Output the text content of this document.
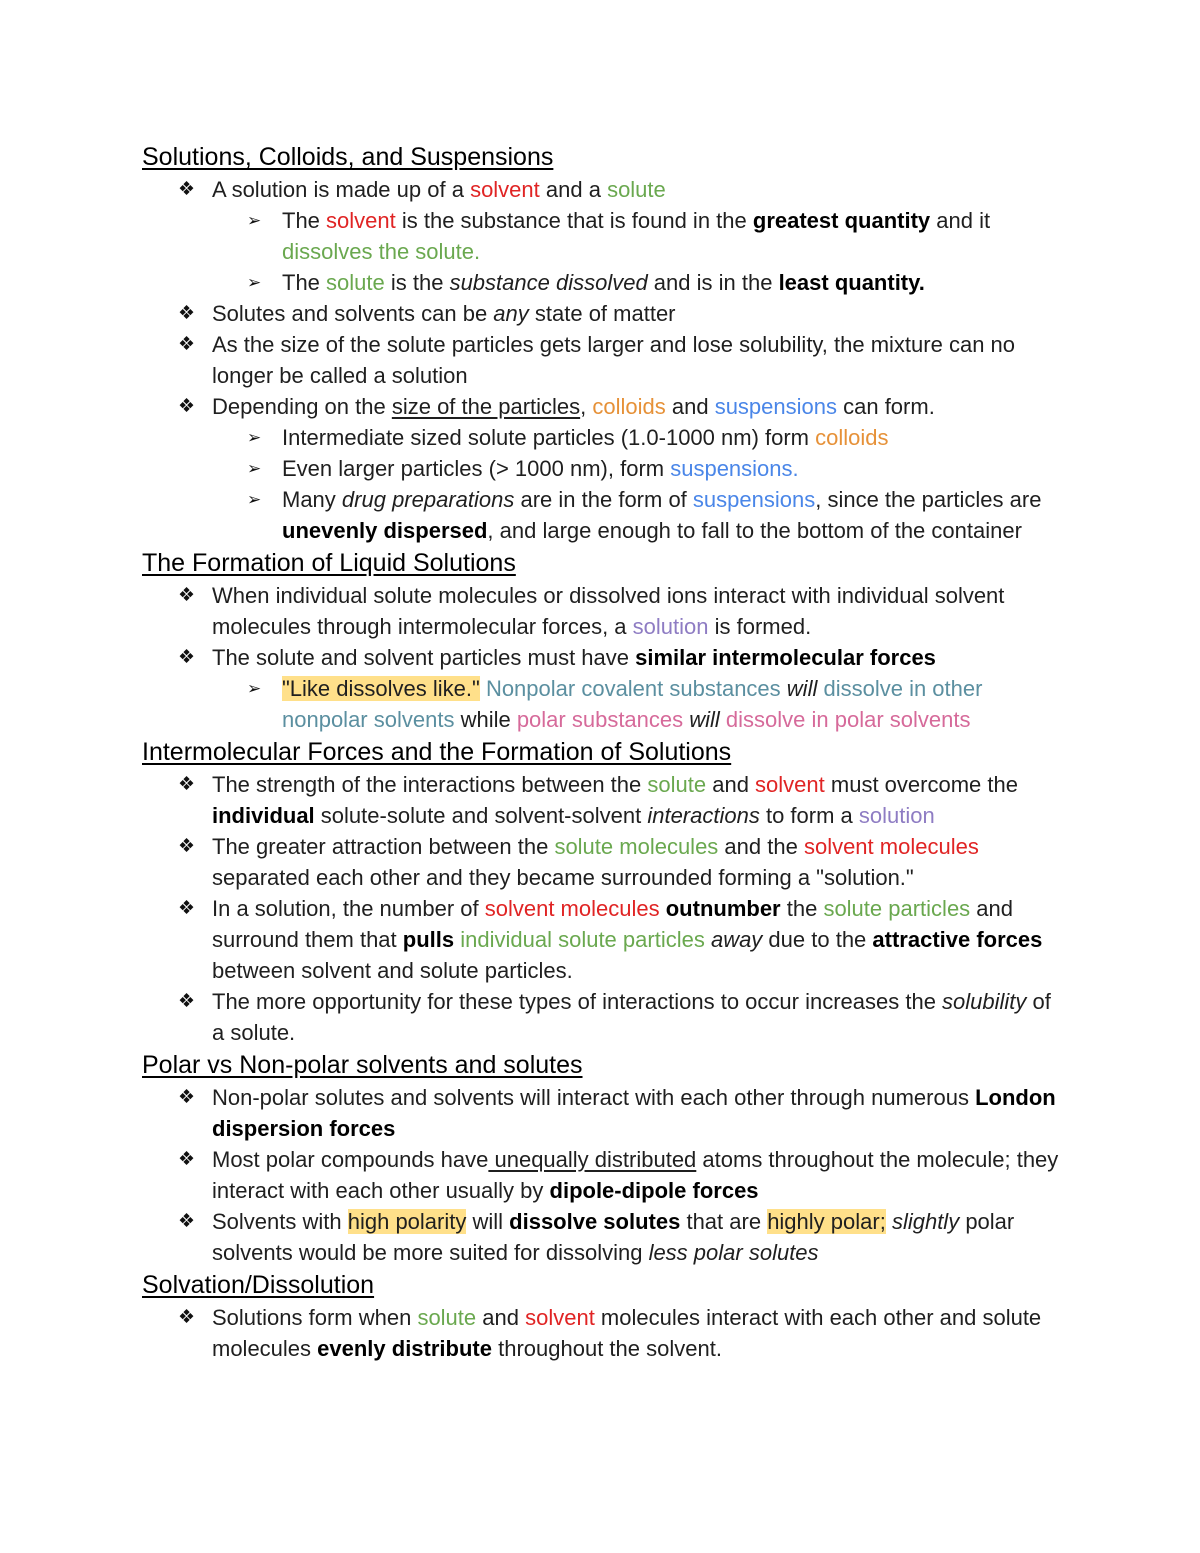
Solutions, Colloids, and Suspensions
❖ A solution is made up of a solvent and a solute
➢ The solvent is the substance that is found in the greatest quantity and it dissolves the solute.
➢ The solute is the substance dissolved and is in the least quantity.
❖ Solutes and solvents can be any state of matter
❖ As the size of the solute particles gets larger and lose solubility, the mixture can no longer be called a solution
❖ Depending on the size of the particles, colloids and suspensions can form.
➢ Intermediate sized solute particles (1.0-1000 nm) form colloids
➢ Even larger particles (> 1000 nm), form suspensions.
➢ Many drug preparations are in the form of suspensions, since the particles are unevenly dispersed, and large enough to fall to the bottom of the container
The Formation of Liquid Solutions
❖ When individual solute molecules or dissolved ions interact with individual solvent molecules through intermolecular forces, a solution is formed.
❖ The solute and solvent particles must have similar intermolecular forces
➢ "Like dissolves like." Nonpolar covalent substances will dissolve in other nonpolar solvents while polar substances will dissolve in polar solvents
Intermolecular Forces and the Formation of Solutions
❖ The strength of the interactions between the solute and solvent must overcome the individual solute-solute and solvent-solvent interactions to form a solution
❖ The greater attraction between the solute molecules and the solvent molecules separated each other and they became surrounded forming a "solution."
❖ In a solution, the number of solvent molecules outnumber the solute particles and surround them that pulls individual solute particles away due to the attractive forces between solvent and solute particles.
❖ The more opportunity for these types of interactions to occur increases the solubility of a solute.
Polar vs Non-polar solvents and solutes
❖ Non-polar solutes and solvents will interact with each other through numerous London dispersion forces
❖ Most polar compounds have unequally distributed atoms throughout the molecule; they interact with each other usually by dipole-dipole forces
❖ Solvents with high polarity will dissolve solutes that are highly polar; slightly polar solvents would be more suited for dissolving less polar solutes
Solvation/Dissolution
❖ Solutions form when solute and solvent molecules interact with each other and solute molecules evenly distribute throughout the solvent.
